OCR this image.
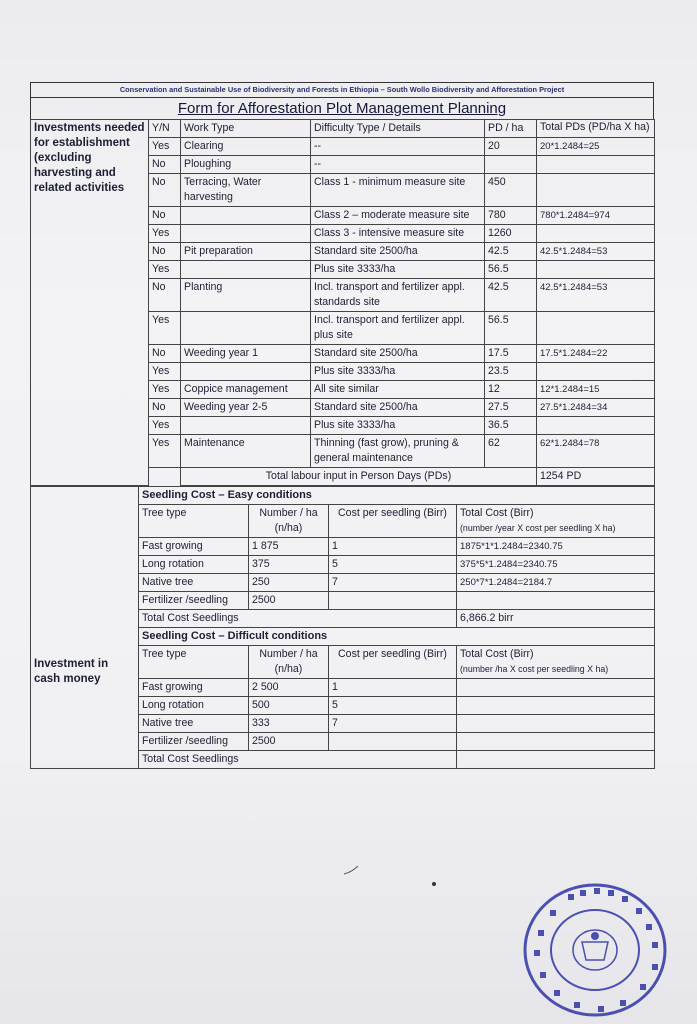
Conservation and Sustainable Use of Biodiversity and Forests in Ethiopia – South Wollo Biodiversity and Afforestation Project
Form for Afforestation Plot Management Planning
Investments needed for establishment (excluding harvesting and related activities	Y/N	Work Type	Difficulty Type / Details	PD / ha	Total PDs (PD/ha X ha)
	Yes	Clearing	--	20	20*1.2484=25
	No	Ploughing	--		
	No	Terracing, Water harvesting	Class 1 - minimum measure site	450	
	No		Class 2 – moderate measure site	780	780*1.2484=974
	Yes		Class 3 - intensive measure site	1260	
	No	Pit preparation	Standard site 2500/ha	42.5	42.5*1.2484=53
	Yes		Plus site 3333/ha	56.5	
	No	Planting	Incl. transport and fertilizer appl. standards site	42.5	42.5*1.2484=53
	Yes		Incl. transport and fertilizer appl. plus site	56.5	
	No	Weeding year 1	Standard site 2500/ha	17.5	17.5*1.2484=22
	Yes		Plus site 3333/ha	23.5	
	Yes	Coppice management	All site similar	12	12*1.2484=15
	No	Weeding year 2-5	Standard site 2500/ha	27.5	27.5*1.2484=34
	Yes		Plus site 3333/ha	36.5	
	Yes	Maintenance	Thinning (fast grow), pruning & general maintenance	62	62*1.2484=78
		Total labour input in Person Days (PDs)			1254 PD
Investment in cash money	Seedling Cost – Easy conditions			
	Tree type	Number / ha (n/ha)	Cost per seedling (Birr)	Total Cost (Birr)
(number /year X cost per seedling X ha)

	Fast growing	1 875	1	1875*1*1.2484=2340.75
	Long rotation	375	5	375*5*1.2484=2340.75
	Native tree	250	7	250*7*1.2484=2184.7
	Fertilizer /seedling	2500		
	Total Cost Seedlings			6,866.2 birr
	Seedling Cost – Difficult conditions			
	Tree type	Number / ha (n/ha)	Cost per seedling (Birr)	Total Cost (Birr)
(number /ha X cost per seedling X ha)

	Fast growing	2 500	1	
	Long rotation	500	5	
	Native tree	333	7	
	Fertilizer /seedling	2500		
	Total Cost Seedlings			
